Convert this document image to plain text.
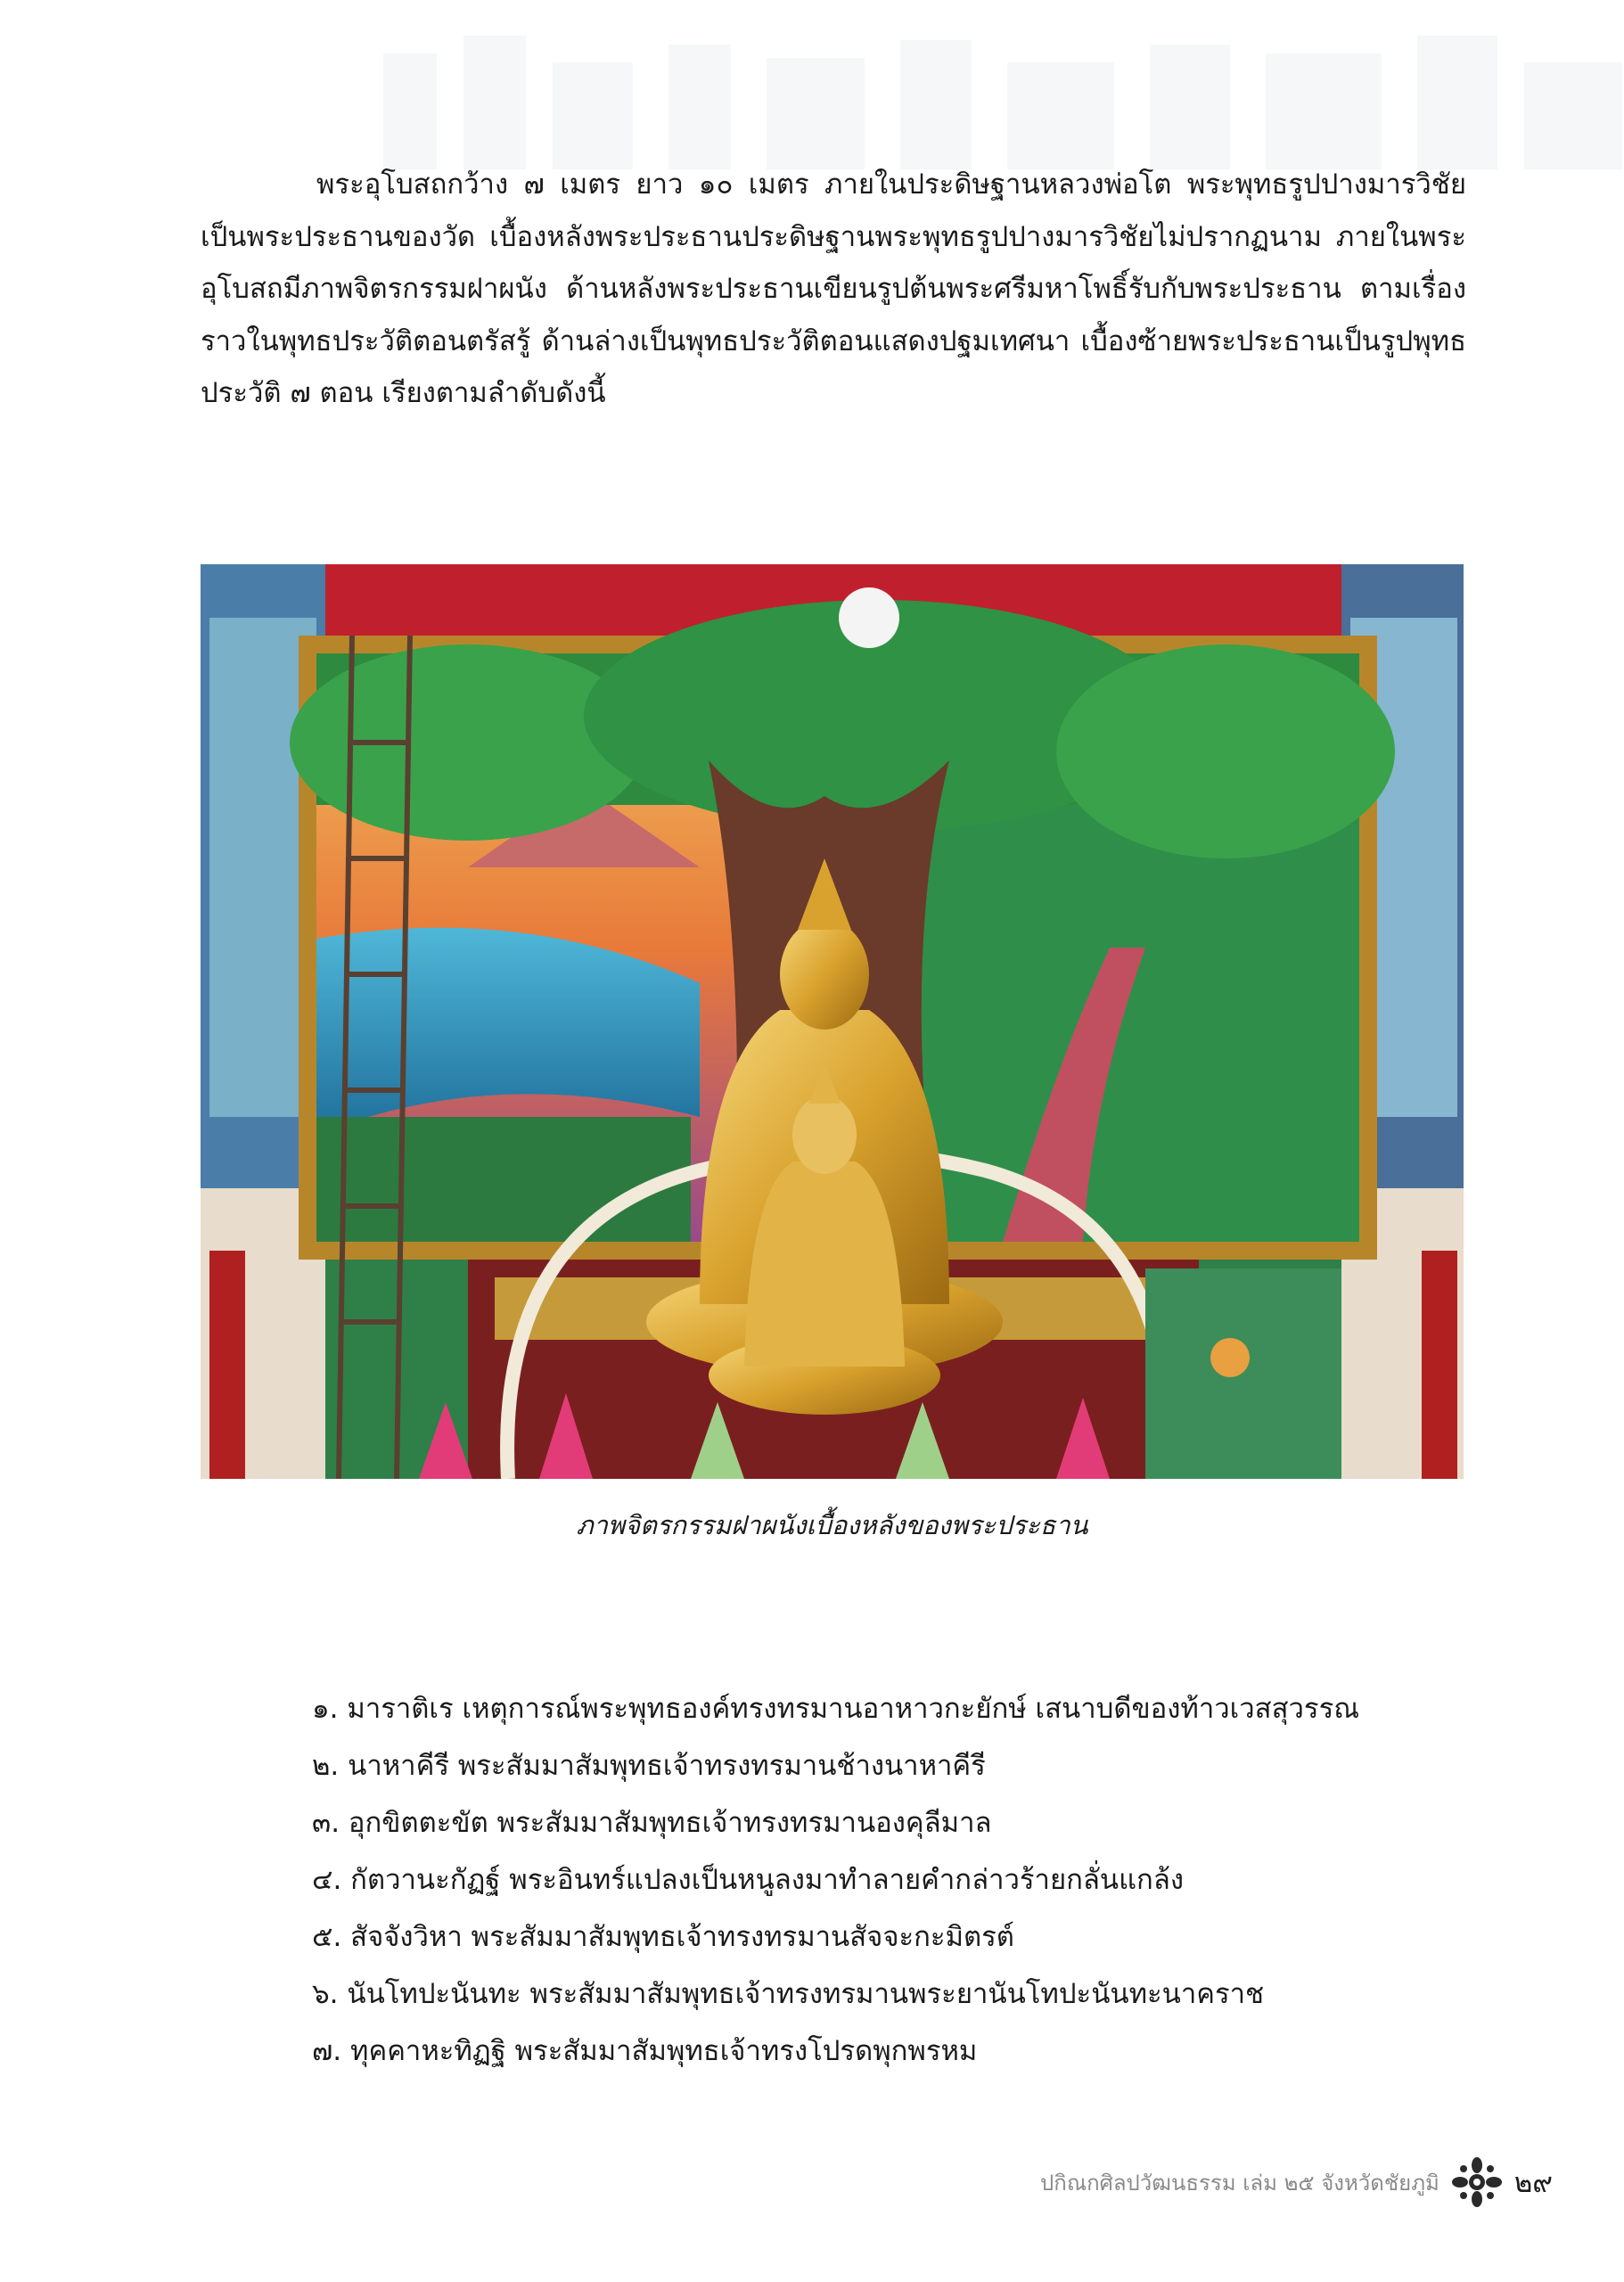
พระอุโบสถกว้าง ๗ เมตร ยาว ๑๐ เมตร ภายในประดิษฐานหลวงพ่อโต พระพุทธรูปปางมารวิชัย เป็นพระประธานของวัด เบื้องหลังพระประธานประดิษฐานพระพุทธรูปปางมารวิชัยไม่ปรากฏนาม ภายในพระอุโบสถมีภาพจิตรกรรมฝาผนัง ด้านหลังพระประธานเขียนรูปต้นพระศรีมหาโพธิ์รับกับพระประธาน ตามเรื่องราวในพุทธประวัติตอนตรัสรู้ ด้านล่างเป็นพุทธประวัติตอนแสดงปฐมเทศนา เบื้องซ้ายพระประธานเป็นรูปพุทธประวัติ ๗ ตอน เรียงตามลำดับดังนี้

ภาพจิตรกรรมฝาผนังเบื้องหลังของพระประธาน
๑. มาราติเร เหตุการณ์พระพุทธองค์ทรงทรมานอาหาวกะยักษ์ เสนาบดีของท้าวเวสสุวรรณ
๒. นาหาคีรี พระสัมมาสัมพุทธเจ้าทรงทรมานช้างนาหาคีรี
๓. อุกขิตตะขัต พระสัมมาสัมพุทธเจ้าทรงทรมานองคุลีมาล
๔. กัตวานะกัฏฐ์ พระอินทร์แปลงเป็นหนูลงมาทำลายคำกล่าวร้ายกลั่นแกล้ง
๕. สัจจังวิหา พระสัมมาสัมพุทธเจ้าทรงทรมานสัจจะกะมิตรต์
๖. นันโทปะนันทะ พระสัมมาสัมพุทธเจ้าทรงทรมานพระยานันโทปะนันทะนาคราช
๗. ทุคคาหะทิฏฐิ พระสัมมาสัมพุทธเจ้าทรงโปรดพุกพรหม
ปกิณกศิลปวัฒนธรรม เล่ม ๒๕ จังหวัดชัยภูมิ	๒๙
